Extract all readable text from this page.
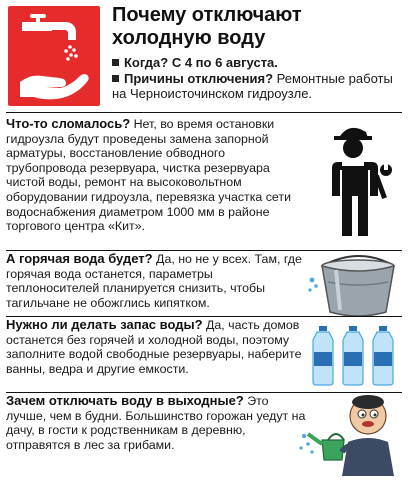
Почему отключают
холодную воду
Когда? С 4 по 6 августа.
Причины отключения? Ремонтные работы на Черноисточинском гидроузле.
Что-то сломалось? Нет, во время остановки гидроузла будут проведены замена запорной арматуры, восстановление обводного трубопровода резервуара, чистка резервуара чистой воды, ремонт на высоковольтном оборудовании гидроузла, перевязка участка сети водоснабжения диаметром 1000 мм в районе торгового центра «Кит».
А горячая вода будет? Да, но не у всех. Там, где горячая вода останется, параметры теплоносителей планируется снизить, чтобы тагильчане не обожглись кипятком.
Нужно ли делать запас воды? Да, часть домов останется без горячей и холодной воды, поэтому заполните водой свободные резервуары, наберите ванны, ведра и другие емкости.
Зачем отключать воду в выходные? Это лучше, чем в будни. Большинство горожан уедут на дачу, в гости к родственникам в деревню, отправятся в лес за грибами.
